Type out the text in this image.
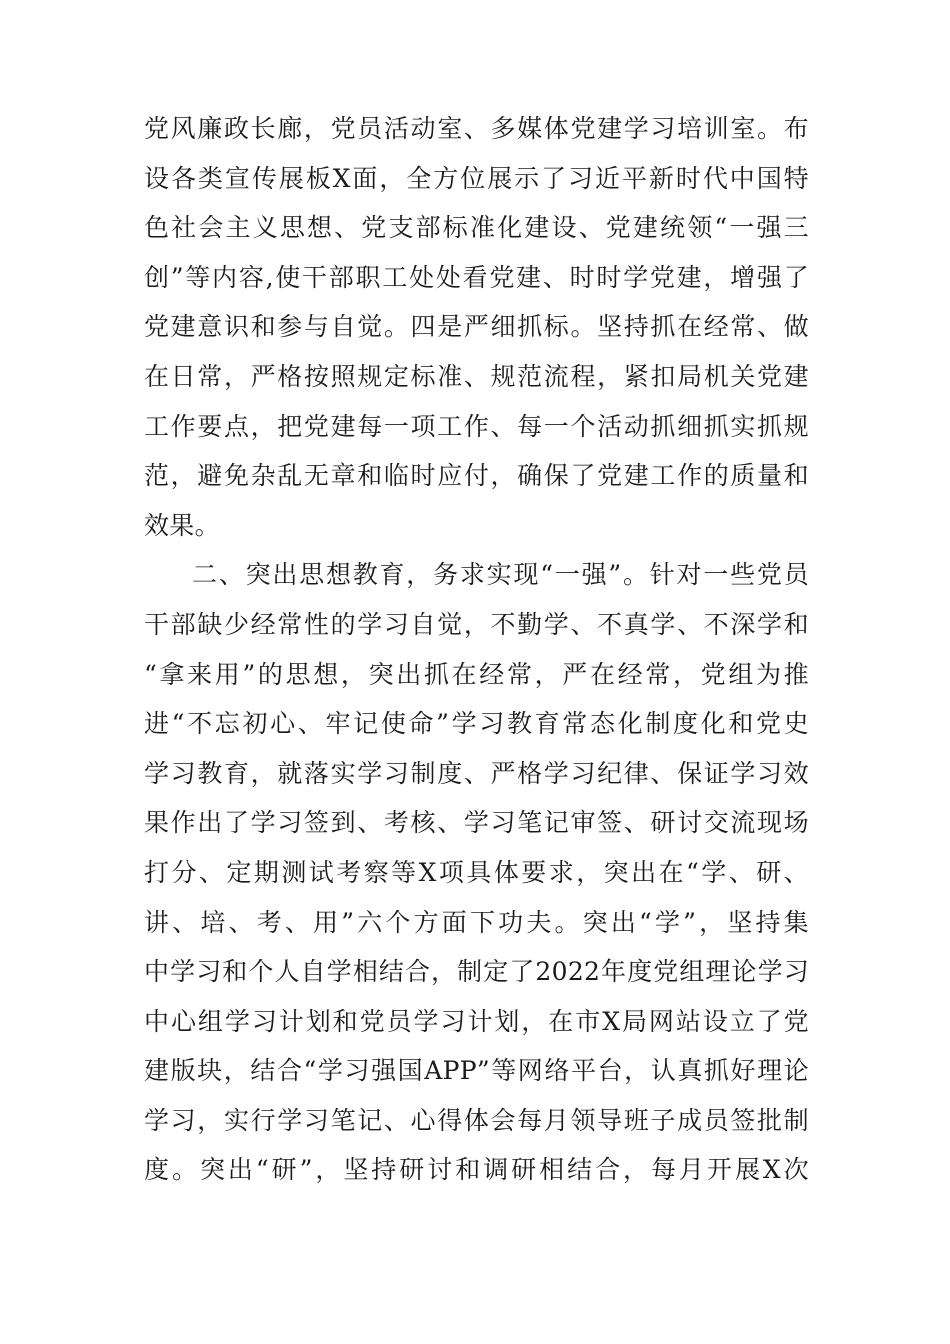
党风廉政长廊，党员活动室、多媒体党建学习培训室。布
设各类宣传展板X面，全方位展示了习近平新时代中国特
色社会主义思想、党支部标准化建设、党建统领“一强三
创”等内容,使干部职工处处看党建、时时学党建，增强了
党建意识和参与自觉。四是严细抓标。坚持抓在经常、做
在日常，严格按照规定标准、规范流程，紧扣局机关党建
工作要点，把党建每一项工作、每一个活动抓细抓实抓规
范，避免杂乱无章和临时应付，确保了党建工作的质量和
效果。
二、突出思想教育，务求实现“一强”。针对一些党员
干部缺少经常性的学习自觉，不勤学、不真学、不深学和
“拿来用”的思想，突出抓在经常，严在经常，党组为推
进“不忘初心、牢记使命”学习教育常态化制度化和党史
学习教育，就落实学习制度、严格学习纪律、保证学习效
果作出了学习签到、考核、学习笔记审签、研讨交流现场
打分、定期测试考察等X项具体要求，突出在“学、研、
讲、培、考、用”六个方面下功夫。突出“学”，坚持集
中学习和个人自学相结合，制定了2022年度党组理论学习
中心组学习计划和党员学习计划，在市X局网站设立了党
建版块，结合“学习强国APP”等网络平台，认真抓好理论
学习，实行学习笔记、心得体会每月领导班子成员签批制
度。突出“研”，坚持研讨和调研相结合，每月开展X次
